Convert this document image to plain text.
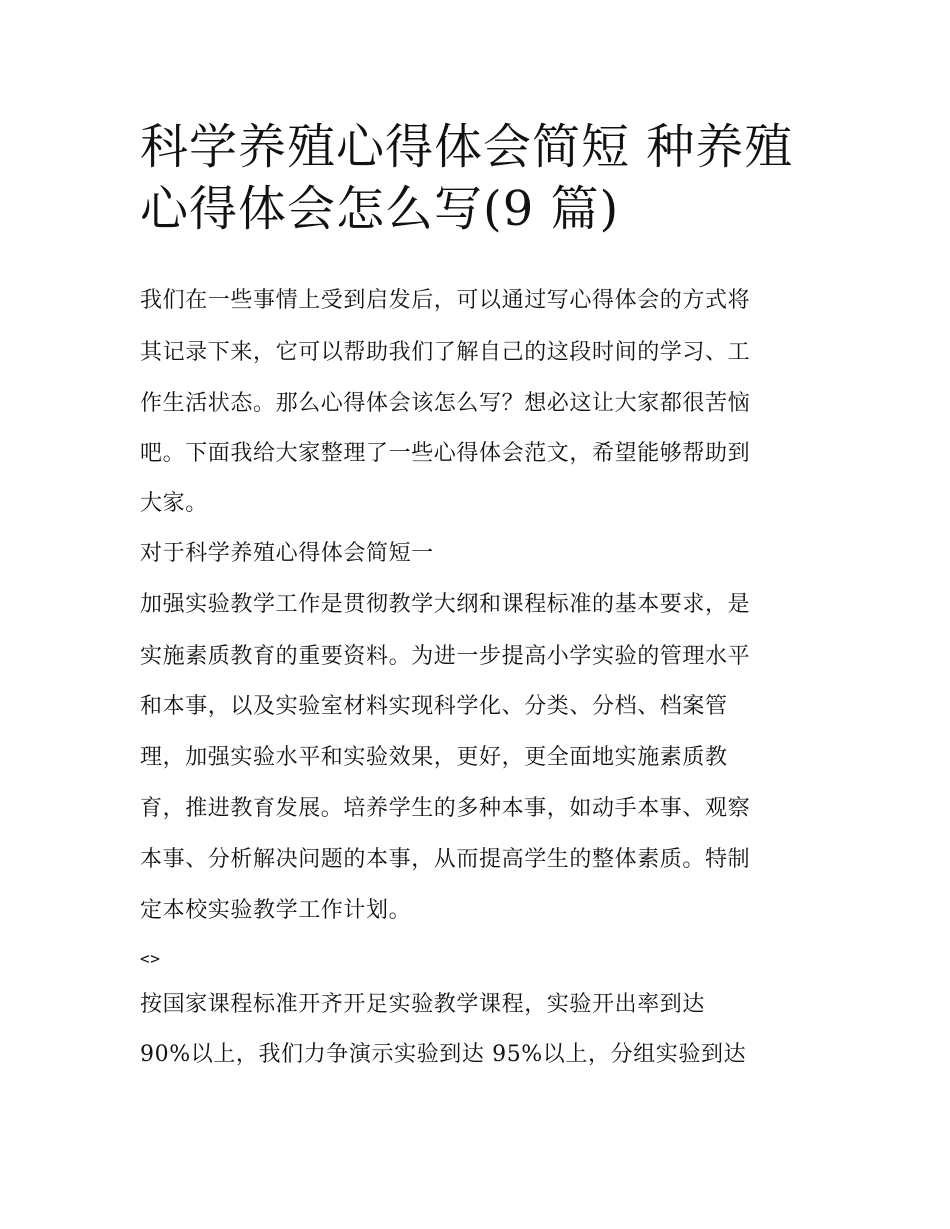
科学养殖心得体会简短 种养殖
心得体会怎么写(9 篇)

我们在一些事情上受到启发后，可以通过写心得体会的方式将

其记录下来，它可以帮助我们了解自己的这段时间的学习、工

作生活状态。那么心得体会该怎么写？想必这让大家都很苦恼

吧。下面我给大家整理了一些心得体会范文，希望能够帮助到

大家。

对于科学养殖心得体会简短一

加强实验教学工作是贯彻教学大纲和课程标准的基本要求，是

实施素质教育的重要资料。为进一步提高小学实验的管理水平

和本事，以及实验室材料实现科学化、分类、分档、档案管

理，加强实验水平和实验效果，更好，更全面地实施素质教

育，推进教育发展。培养学生的多种本事，如动手本事、观察

本事、分析解决问题的本事，从而提高学生的整体素质。特制

定本校实验教学工作计划。

<>

按国家课程标准开齐开足实验教学课程，实验开出率到达

90%以上，我们力争演示实验到达 95%以上，分组实验到达
